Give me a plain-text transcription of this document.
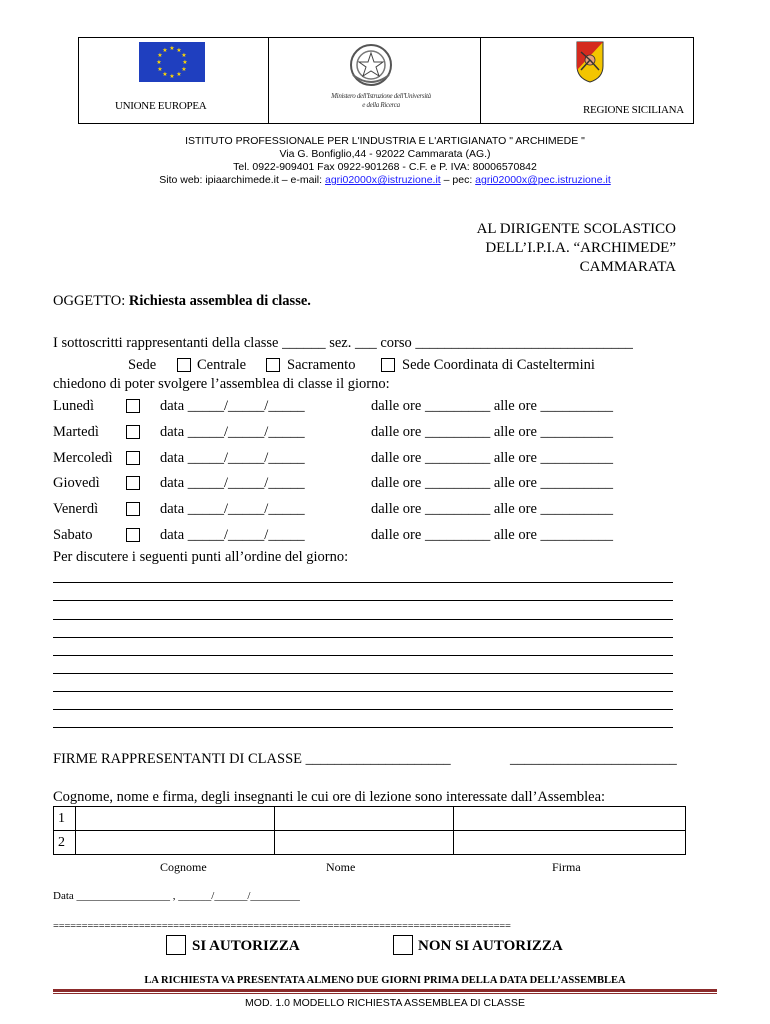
★ ★
★
★
★
★
★
★
★
★
★
★
UNIONE EUROPEA
Ministero dell'Istruzione dell'Università e della Ricerca	REGIONE SICILIANA
ISTITUTO PROFESSIONALE PER L'INDUSTRIA E L'ARTIGIANATO " ARCHIMEDE "
Via G. Bonfiglio,44 - 92022 Cammarata (AG.)
Tel. 0922-909401 Fax 0922-901268 - C.F. e P. IVA: 80006570842
Sito web: ipiaarchimede.it – e-mail: agri02000x@istruzione.it – pec: agri02000x@pec.istruzione.it
AL DIRIGENTE SCOLASTICO
DELL’I.P.I.A. “ARCHIMEDE”
CAMMARATA
OGGETTO: Richiesta assemblea di classe.
I sottoscritti rappresentanti della classe ______ sez. ___ corso ______________________________
Sede	Centrale	Sacramento	Sede Coordinata di Casteltermini
chiedono di poter svolgere l’assemblea di classe il giorno:
Lunedì	data _____/_____/_____	dalle ore _________ alle ore __________
Martedì	data _____/_____/_____	dalle ore _________ alle ore __________
Mercoledì	data _____/_____/_____	dalle ore _________ alle ore __________
Giovedì	data _____/_____/_____	dalle ore _________ alle ore __________
Venerdì	data _____/_____/_____	dalle ore _________ alle ore __________
Sabato	data _____/_____/_____	dalle ore _________ alle ore __________
Per discutere i seguenti punti all’ordine del giorno:
FIRME RAPPRESENTANTI DI CLASSE ____________________	_______________________
Cognome, nome e firma, degli insegnanti le cui ore di lezione sono interessate dall’Assemblea:
1			
2			
Cognome	Nome	Firma
Data _________________ , ______/______/_________
================================================================================
SI AUTORIZZA	NON SI AUTORIZZA
LA RICHIESTA VA PRESENTATA ALMENO DUE GIORNI PRIMA DELLA DATA DELL’ASSEMBLEA
MOD. 1.0 MODELLO RICHIESTA ASSEMBLEA DI CLASSE
